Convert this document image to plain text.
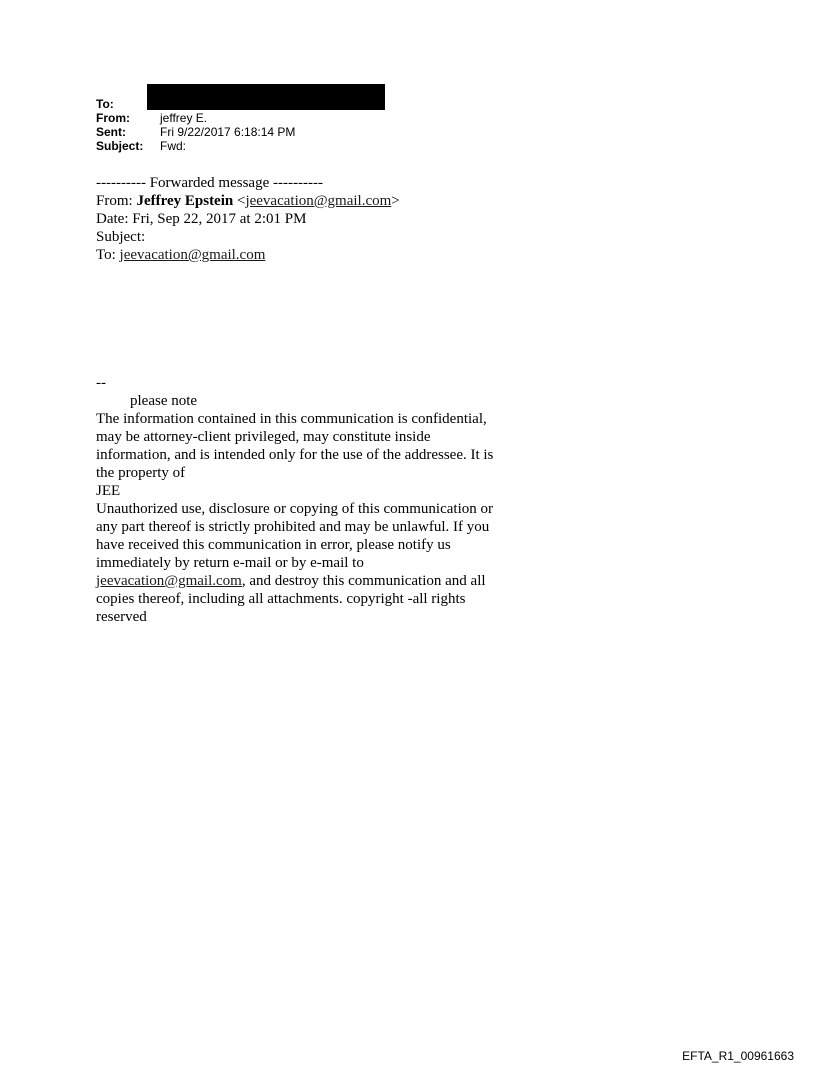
To:
From:	jeffrey E.
Sent:	Fri 9/22/2017 6:18:14 PM
Subject:	Fwd:

---------- Forwarded message ----------

From: Jeffrey Epstein <jeevacation@gmail.com>

Date: Fri, Sep 22, 2017 at 2:01 PM

Subject:

To: jeevacation@gmail.com

--

please note

The information contained in this communication is confidential, may be attorney-client privileged, may constitute inside information, and is intended only for the use of the addressee. It is the property of

JEE

Unauthorized use, disclosure or copying of this communication or any part thereof is strictly prohibited and may be unlawful. If you have received this communication in error, please notify us immediately by return e-mail or by e-mail to jeevacation@gmail.com, and destroy this communication and all copies thereof, including all attachments. copyright -all rights reserved

EFTA_R1_00961663
